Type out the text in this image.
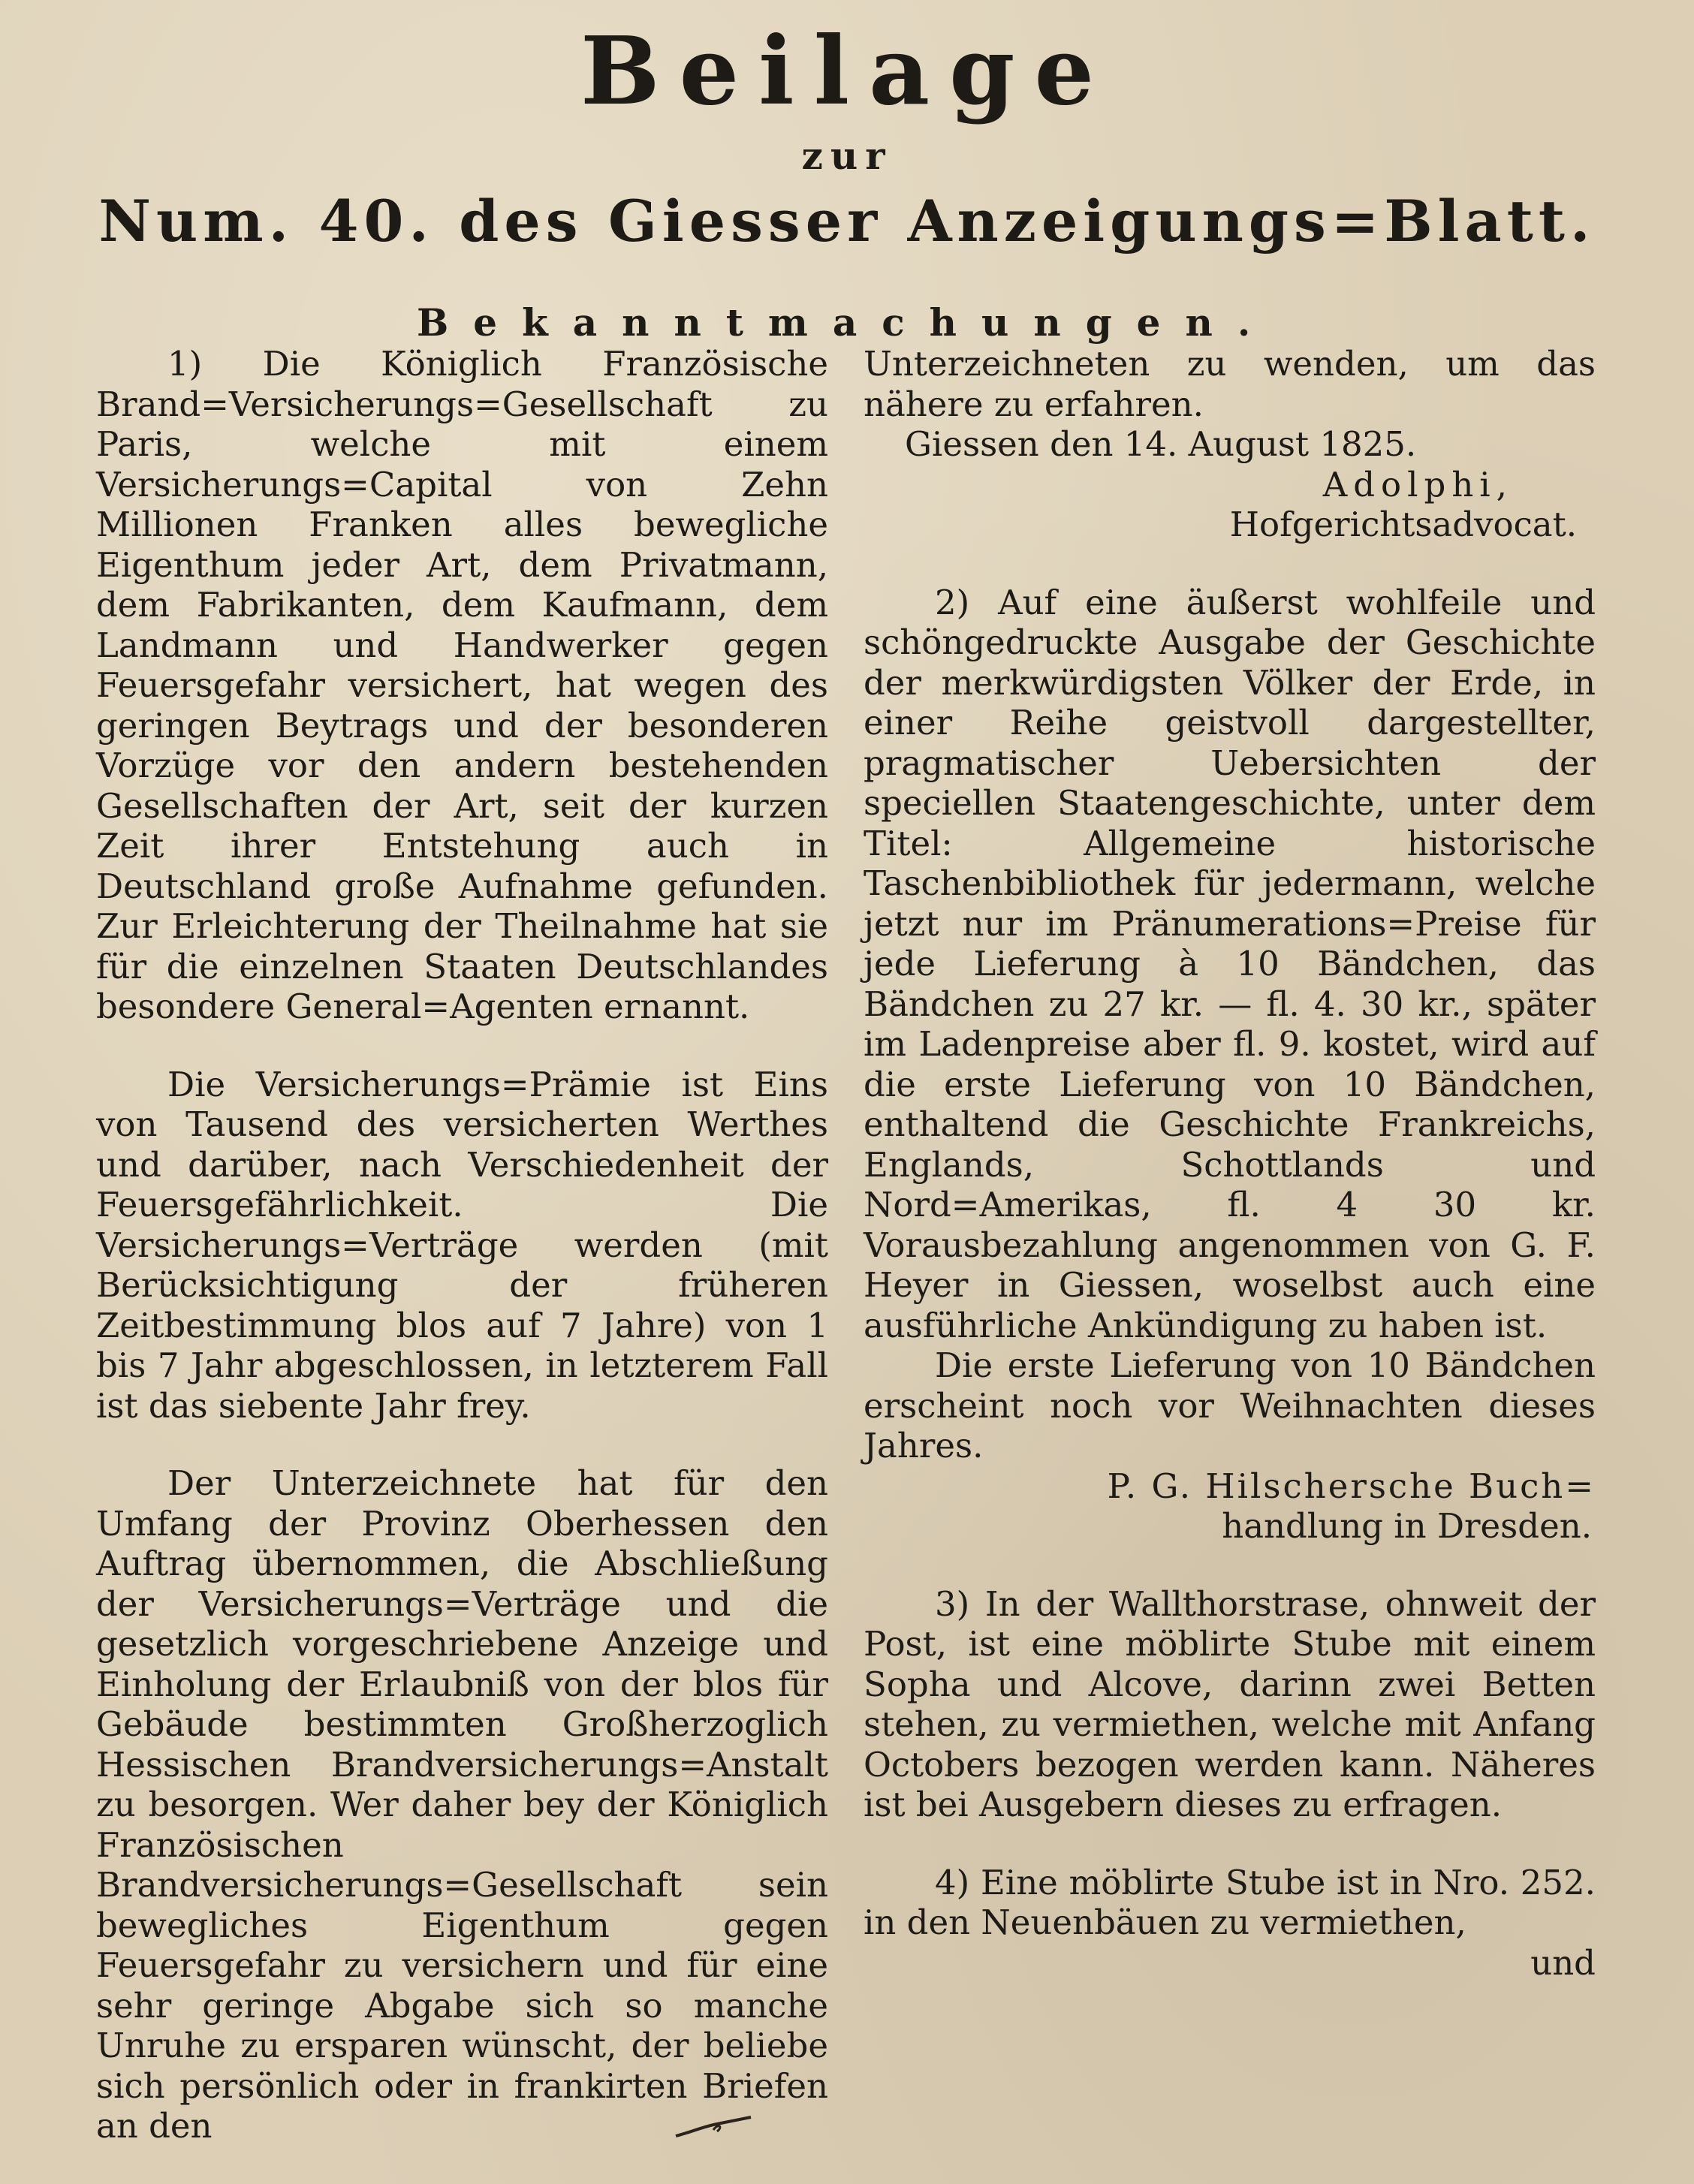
Beilage
zur
Num. 40. des Giesser Anzeigungs=Blatt.
Bekanntmachungen.

1) Die Königlich Französische Brand=Versicherungs=Gesellschaft zu Paris, welche mit einem Versicherungs=Capital von Zehn Millionen Franken alles bewegliche Eigenthum jeder Art, dem Privatmann, dem Fabrikanten, dem Kaufmann, dem Landmann und Handwerker gegen Feuersgefahr versichert, hat wegen des geringen Beytrags und der besonderen Vorzüge vor den andern bestehenden Gesellschaften der Art, seit der kurzen Zeit ihrer Entstehung auch in Deutschland große Aufnahme gefunden. Zur Erleichterung der Theilnahme hat sie für die einzelnen Staaten Deutschlandes besondere General=Agenten ernannt.

Die Versicherungs=Prämie ist Eins von Tausend des versicherten Werthes und darüber, nach Verschiedenheit der Feuersgefährlichkeit. Die Versicherungs=Verträge werden (mit Berücksichtigung der früheren Zeitbestimmung blos auf 7 Jahre) von 1 bis 7 Jahr abgeschlossen, in letzterem Fall ist das siebente Jahr frey.

Der Unterzeichnete hat für den Umfang der Provinz Oberhessen den Auftrag übernommen, die Abschließung der Versicherungs=Verträge und die gesetzlich vorgeschriebene Anzeige und Einholung der Erlaubniß von der blos für Gebäude bestimmten Großherzoglich Hessischen Brandversicherungs=Anstalt zu besorgen. Wer daher bey der Königlich Französischen Brandversicherungs=Gesellschaft sein bewegliches Eigenthum gegen Feuersgefahr zu versichern und für eine sehr geringe Abgabe sich so manche Unruhe zu ersparen wünscht, der beliebe sich persönlich oder in frankirten Briefen an den

Unterzeichneten zu wenden, um das nähere zu erfahren.

Giessen den 14. August 1825.

Adolphi,

Hofgerichtsadvocat.

2) Auf eine äußerst wohlfeile und schöngedruckte Ausgabe der Geschichte der merkwürdigsten Völker der Erde, in einer Reihe geistvoll dargestellter, pragmatischer Uebersichten der speciellen Staatengeschichte, unter dem Titel: Allgemeine historische Taschenbibliothek für jedermann, welche jetzt nur im Pränumerations=Preise für jede Lieferung à 10 Bändchen, das Bändchen zu 27 kr. — fl. 4. 30 kr., später im Ladenpreise aber fl. 9. kostet, wird auf die erste Lieferung von 10 Bändchen, enthaltend die Geschichte Frankreichs, Englands, Schottlands und Nord=Amerikas, fl. 4 30 kr. Vorausbezahlung angenommen von G. F. Heyer in Giessen, woselbst auch eine ausführliche Ankündigung zu haben ist.

Die erste Lieferung von 10 Bändchen erscheint noch vor Weihnachten dieses Jahres.

P. G. Hilschersche Buch=

handlung in Dresden.

3) In der Wallthorstrase, ohnweit der Post, ist eine möblirte Stube mit einem Sopha und Alcove, darinn zwei Betten stehen, zu vermiethen, welche mit Anfang Octobers bezogen werden kann. Näheres ist bei Ausgebern dieses zu erfragen.

4) Eine möblirte Stube ist in Nro. 252. in den Neuenbäuen zu vermiethen,

und
